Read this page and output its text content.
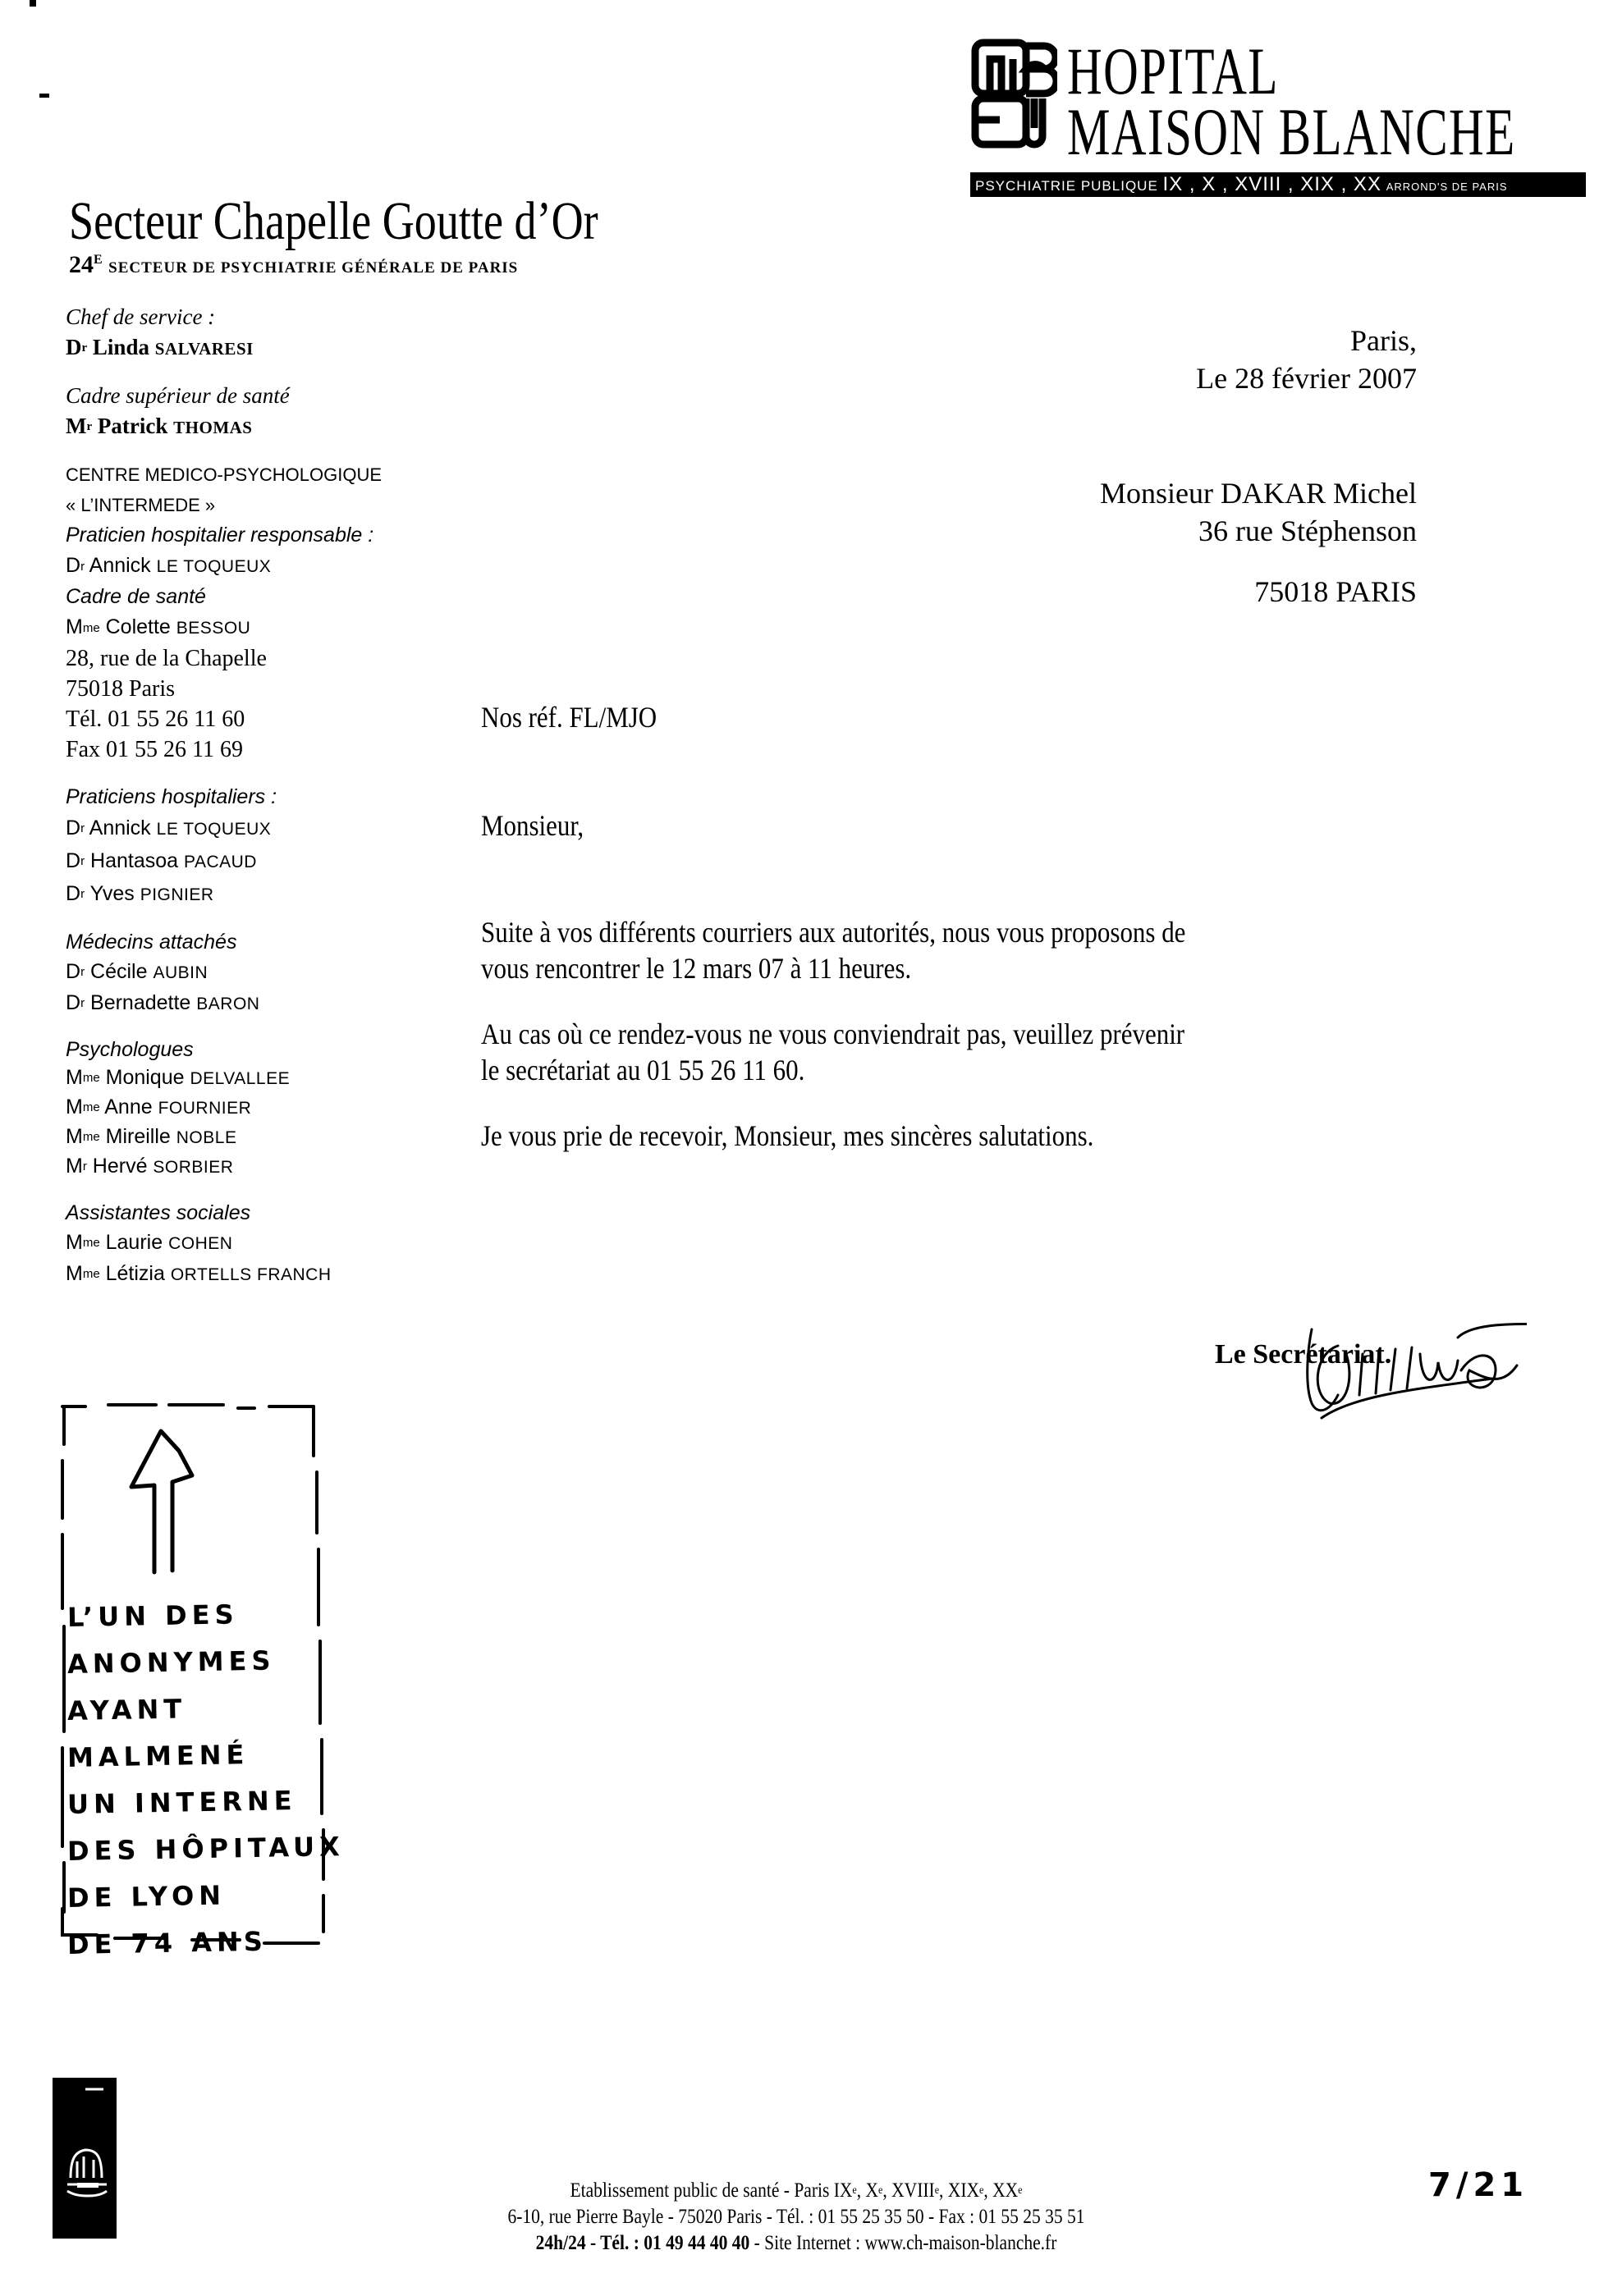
HOPITAL
MAISON BLANCHE
PSYCHIATRIE PUBLIQUE IX , X , XVIII , XIX , XX ARROND'S DE PARIS
Secteur Chapelle Goutte d’Or
$24^E$ SECTEUR DE PSYCHIATRIE GÉNÉRALE DE PARIS
Chef de service :
$D^r$ Linda SALVARESI
Cadre supérieur de santé
$M^r$ Patrick THOMAS
CENTRE MEDICO-PSYCHOLOGIQUE
« L’INTERMEDE »
Praticien hospitalier responsable :
$D^r$ Annick LE TOQUEUX
Cadre de santé
$M^{me}$ Colette BESSOU
28, rue de la Chapelle
75018 Paris
Tél. 01 55 26 11 60
Fax 01 55 26 11 69
Praticiens hospitaliers :
$D^r$ Annick LE TOQUEUX
$D^r$ Hantasoa PACAUD
$D^r$ Yves PIGNIER
Médecins attachés
$D^r$ Cécile AUBIN
$D^r$ Bernadette BARON
Psychologues
$M^{me}$ Monique DELVALLEE
$M^{me}$ Anne FOURNIER
$M^{me}$ Mireille NOBLE
$M^r$ Hervé SORBIER
Assistantes sociales
$M^{me}$ Laurie COHEN
$M^{me}$ Létizia ORTELLS FRANCH
Paris,
Le 28 février 2007
Monsieur DAKAR Michel
36 rue Stéphenson
75018 PARIS
Nos réf. FL/MJO
Monsieur,
Suite à vos différents courriers aux autorités, nous vous proposons de
vous rencontrer le 12 mars 07 à 11 heures.
Au cas où ce rendez-vous ne vous conviendrait pas, veuillez prévenir
le secrétariat au 01 55 26 11 60.
Je vous prie de recevoir, Monsieur, mes sincères salutations.
Le Secrétariat.
L’UN DES
ANONYMES
AYANT
MALMENÉ
UN INTERNE
DES HÔPITAUX
DE LYON
DE 74 ANS
Etablissement public de santé - Paris IXe, Xe, XVIIIe, XIXe, XXe
6-10, rue Pierre Bayle - 75020 Paris - Tél. : 01 55 25 35 50 - Fax : 01 55 25 35 51
24h/24 - Tél. : 01 49 44 40 40 - Site Internet : www.ch-maison-blanche.fr
7/21
